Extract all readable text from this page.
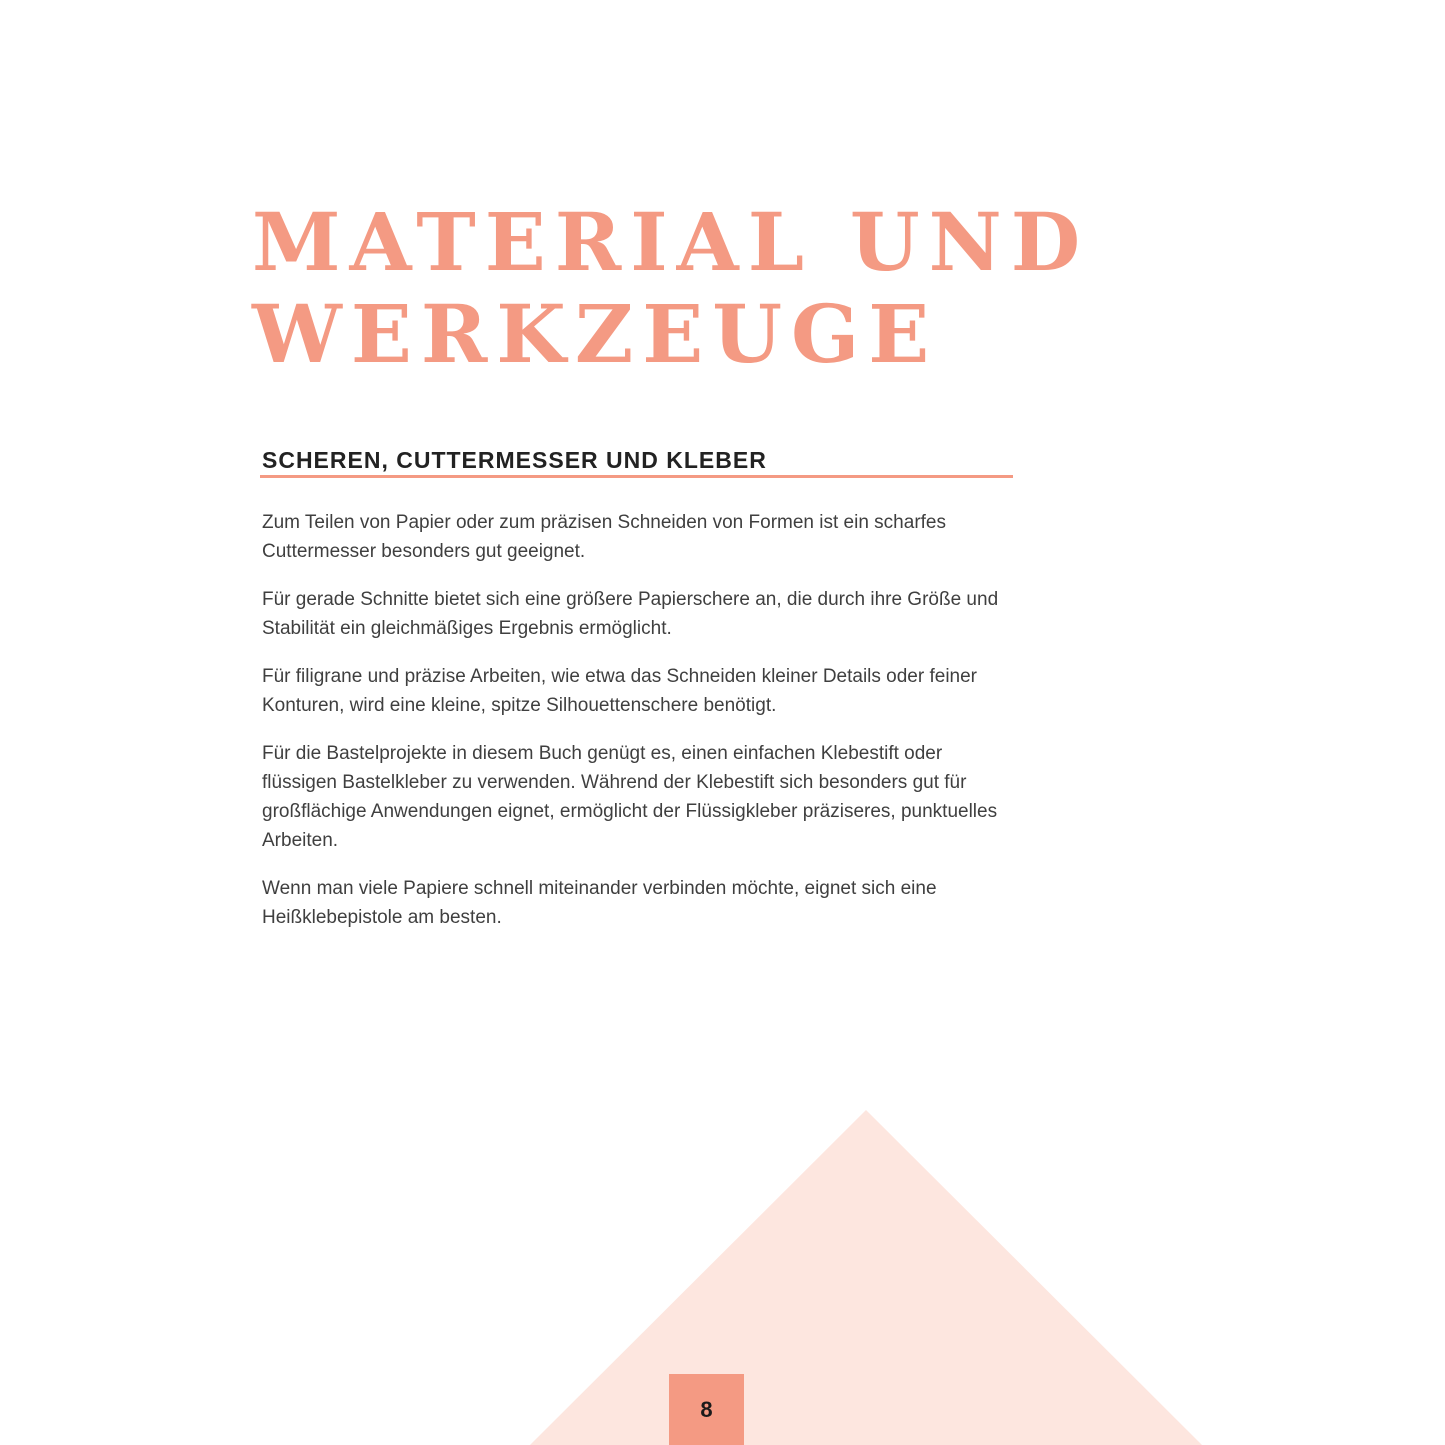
MATERIAL UND
WERKZEUGE
SCHEREN, CUTTERMESSER UND KLEBER

Zum Teilen von Papier oder zum präzisen Schneiden von Formen ist ein scharfes Cuttermesser besonders gut geeignet.

Für gerade Schnitte bietet sich eine größere Papierschere an, die durch ihre Größe und Stabilität ein gleichmäßiges Ergebnis ermöglicht.

Für filigrane und präzise Arbeiten, wie etwa das Schneiden kleiner Details oder feiner Konturen, wird eine kleine, spitze Silhouettenschere benötigt.

Für die Bastelprojekte in diesem Buch genügt es, einen einfachen Klebestift oder flüssigen Bastelkleber zu verwenden. Während der Klebestift sich besonders gut für großflächige Anwendungen eignet, ermöglicht der Flüssigkleber präziseres, punktuelles Arbeiten.

Wenn man viele Papiere schnell miteinander verbinden möchte, eignet sich eine Heißklebepistole am besten.

8
